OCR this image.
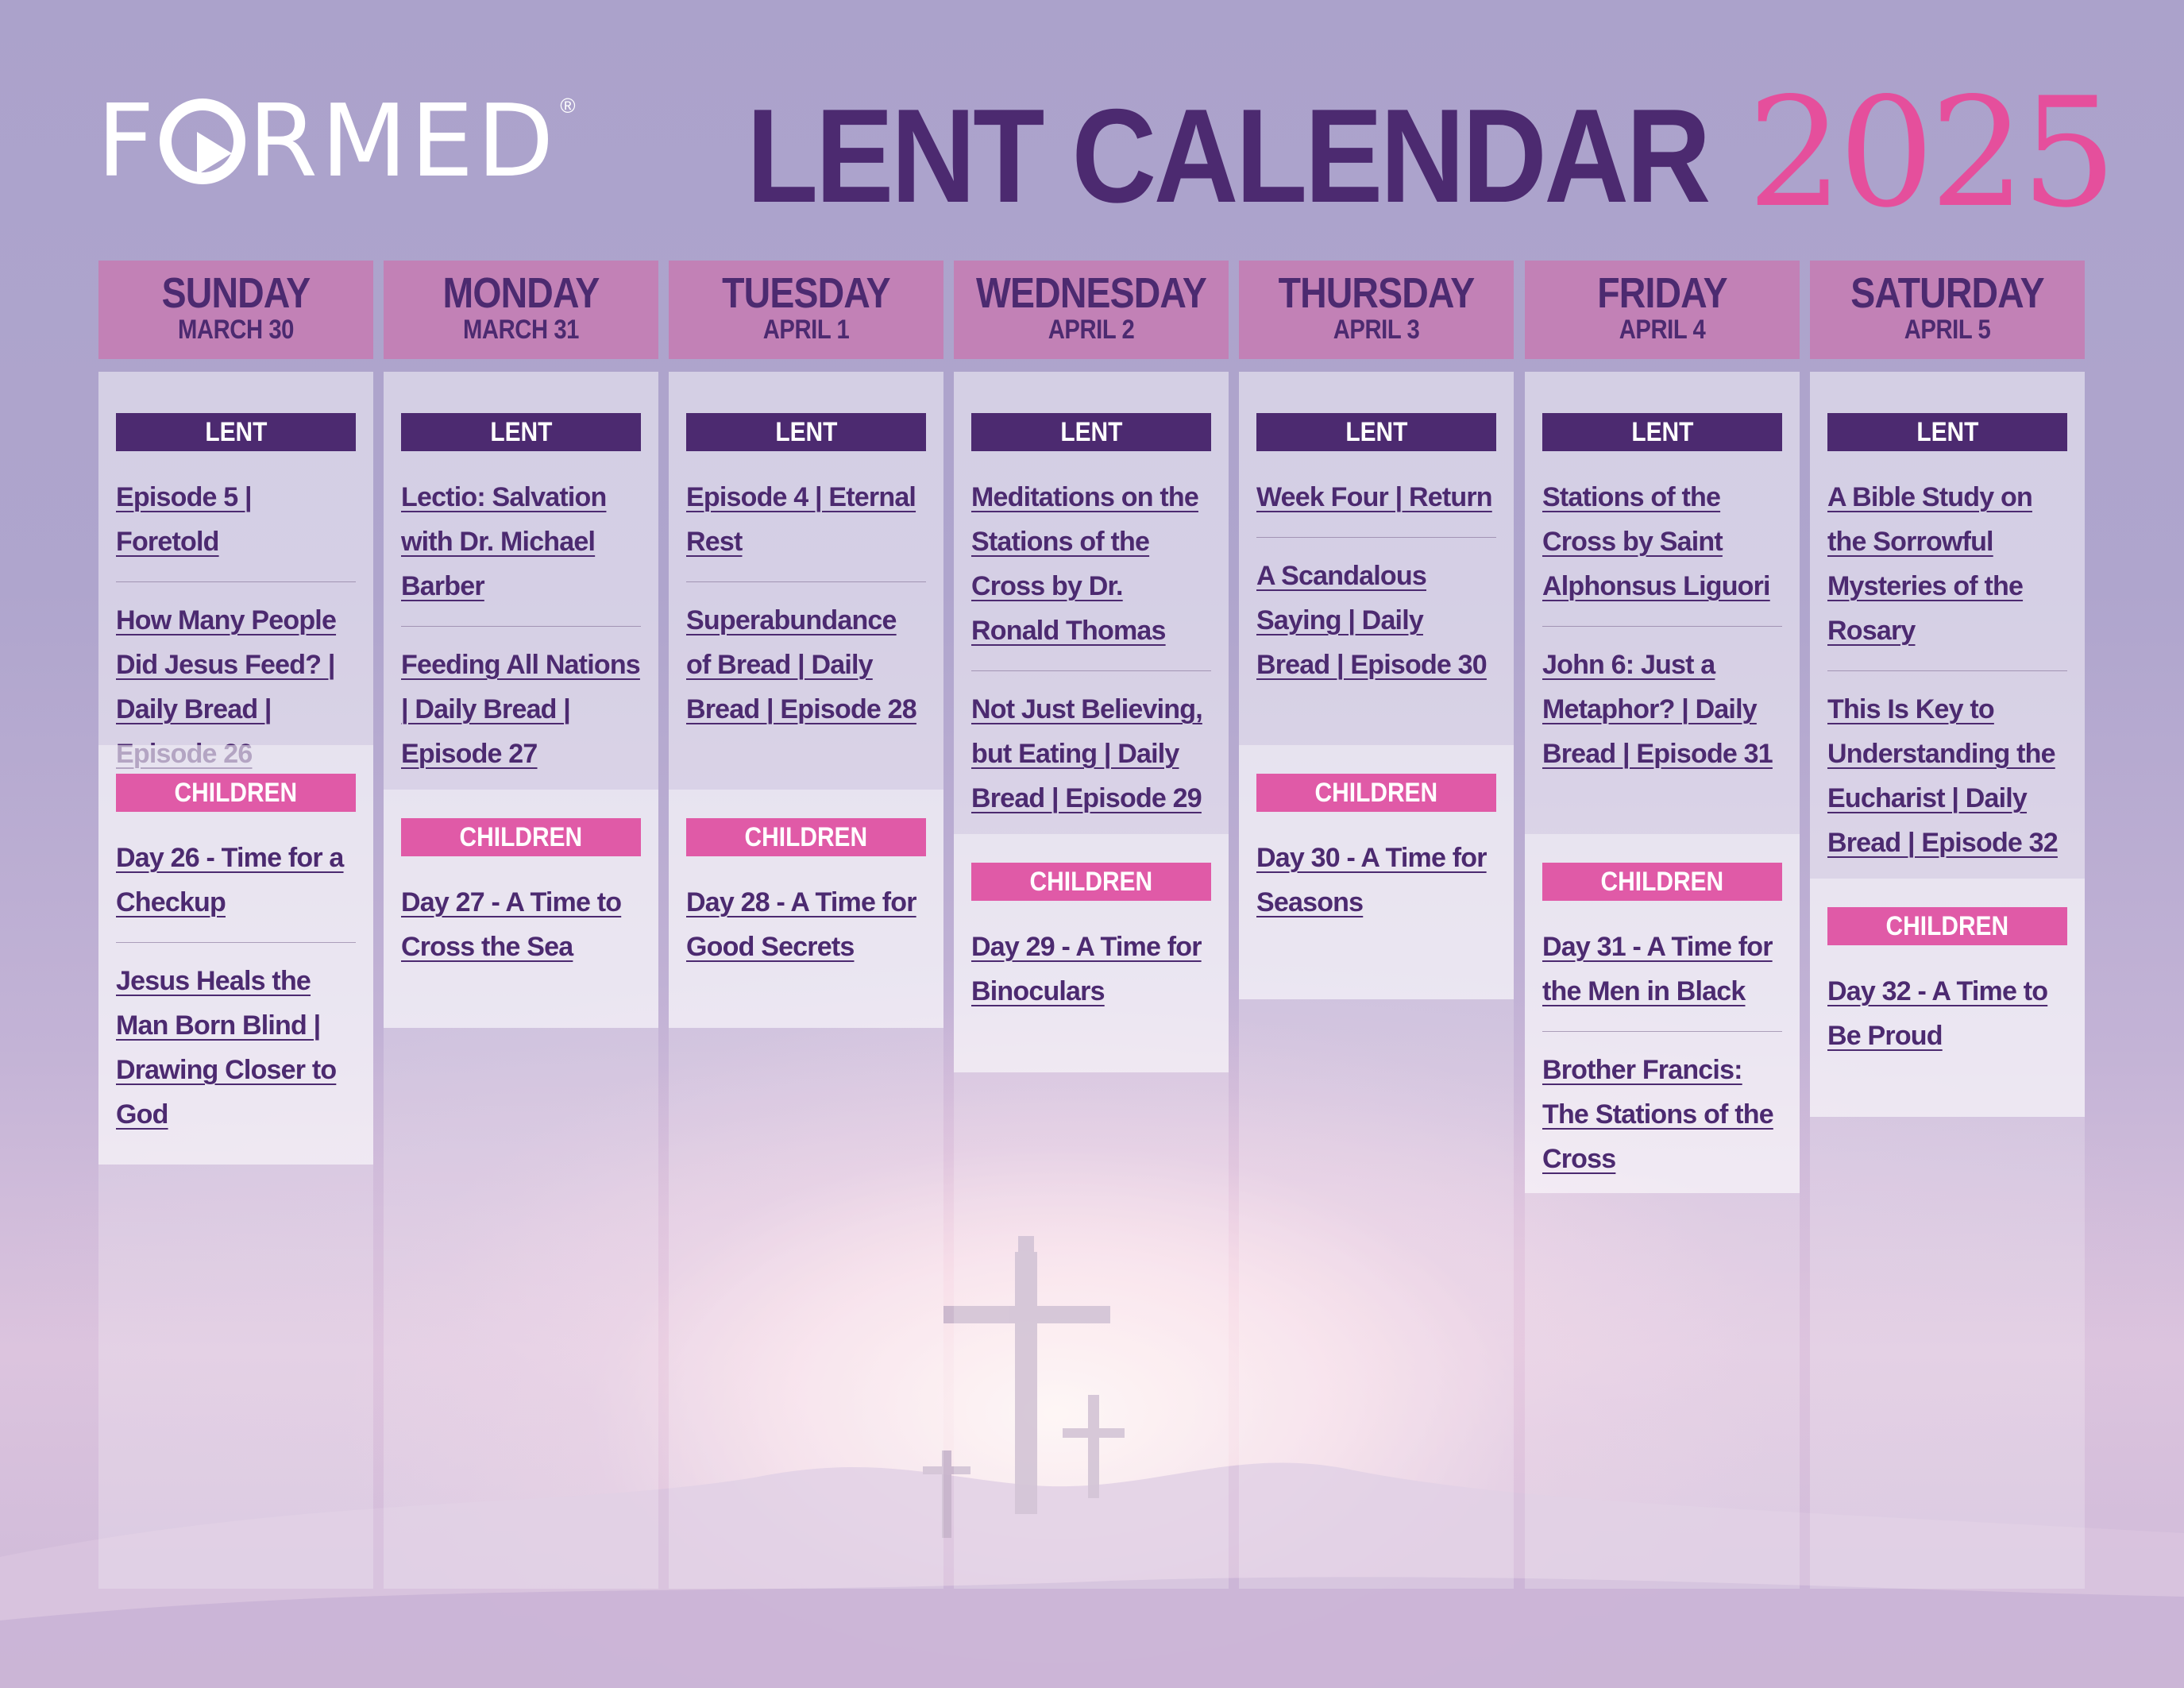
F RMED ® LENT CALENDAR 2025
SUNDAY
MARCH 30
LENT
Episode 5 | Foretold
How Many People Did Jesus Feed? | Daily Bread |
CHILDREN
Day 26 - Time for a Checkup
Jesus Heals the Man Born Blind | Drawing Closer to God
MONDAY
MARCH 31
LENT
Lectio: Salvation with Dr. Michael Barber
Feeding All Nations | Daily Bread | Episode 27
CHILDREN
Day 27 - A Time to Cross the Sea
TUESDAY
APRIL 1
LENT
Episode 4 | Eternal Rest
Superabundance of Bread | Daily Bread | Episode 28
CHILDREN
Day 28 - A Time for Good Secrets
WEDNESDAY
APRIL 2
LENT
Meditations on the Stations of the Cross by Dr. Ronald Thomas
Not Just Believing, but Eating | Daily Bread | Episode 29
CHILDREN
Day 29 - A Time for Binoculars
THURSDAY
APRIL 3
LENT
Week Four | Return
A Scandalous Saying | Daily Bread | Episode 30
CHILDREN
Day 30 - A Time for Seasons
FRIDAY
APRIL 4
LENT
Stations of the Cross by Saint Alphonsus Liguori
John 6: Just a Metaphor? | Daily Bread | Episode 31
CHILDREN
Day 31 - A Time for the Men in Black
Brother Francis: The Stations of the Cross
SATURDAY
APRIL 5
LENT
A Bible Study on the Sorrowful Mysteries of the Rosary
This Is Key to Understanding the Eucharist | Daily Bread | Episode 32
CHILDREN
Day 32 - A Time to Be Proud
